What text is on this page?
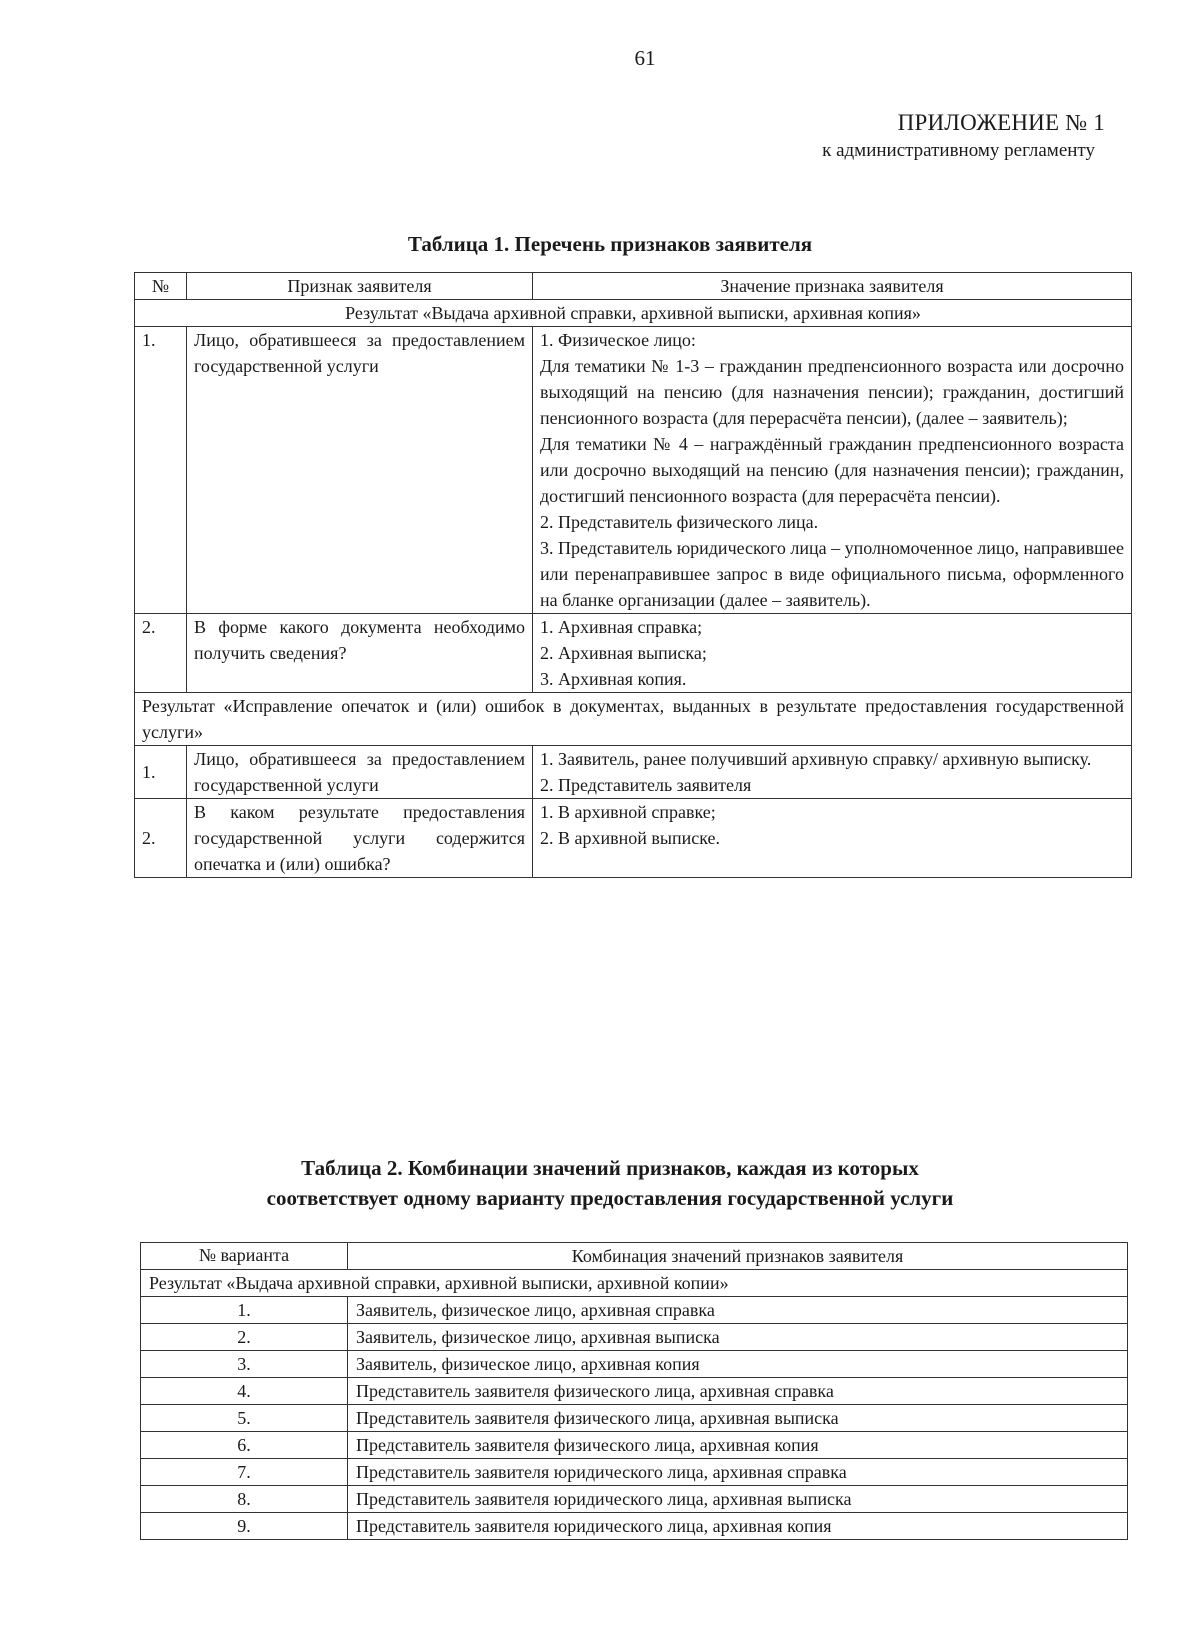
61
ПРИЛОЖЕНИЕ № 1
к административному регламенту
Таблица 1. Перечень признаков заявителя
№	Признак заявителя	Значение признака заявителя
Результат «Выдача архивной справки, архивной выписки, архивная копия»		
1.	Лицо, обратившееся за предоставлением государственной услуги	1. Физическое лицо:
Для тематики № 1-3 – гражданин предпенсионного возраста или досрочно выходящий на пенсию (для назначения пенсии); гражданин, достигший пенсионного возраста (для перерасчёта пенсии), (далее – заявитель);
Для тематики № 4 – награждённый гражданин предпенсионного возраста или досрочно выходящий на пенсию (для назначения пенсии); гражданин, достигший пенсионного возраста (для перерасчёта пенсии).
2. Представитель физического лица.
3. Представитель юридического лица – уполномоченное лицо, направившее или перенаправившее запрос в виде официального письма, оформленного на бланке организации (далее – заявитель).

2.	В форме какого документа необходимо получить сведения?	1. Архивная справка;
2. Архивная выписка;
3. Архивная копия.

Результат «Исправление опечаток и (или) ошибок в документах, выданных в результате предоставления государственной услуги»		
1.	Лицо, обратившееся за предоставлением государственной услуги	1. Заявитель, ранее получивший архивную справку/ архивную выписку.
2. Представитель заявителя

2.	В каком результате предоставления государственной услуги содержится опечатка и (или) ошибка?	1. В архивной справке;
2. В архивной выписке.
Таблица 2. Комбинации значений признаков, каждая из которых
соответствует одному варианту предоставления государственной услуги
№ варианта	Комбинация значений признаков заявителя
Результат «Выдача архивной справки, архивной выписки, архивной копии»	
1.	Заявитель, физическое лицо, архивная справка
2.	Заявитель, физическое лицо, архивная выписка
3.	Заявитель, физическое лицо, архивная копия
4.	Представитель заявителя физического лица, архивная справка
5.	Представитель заявителя физического лица, архивная выписка
6.	Представитель заявителя физического лица, архивная копия
7.	Представитель заявителя юридического лица, архивная справка
8.	Представитель заявителя юридического лица, архивная выписка
9.	Представитель заявителя юридического лица, архивная копия
